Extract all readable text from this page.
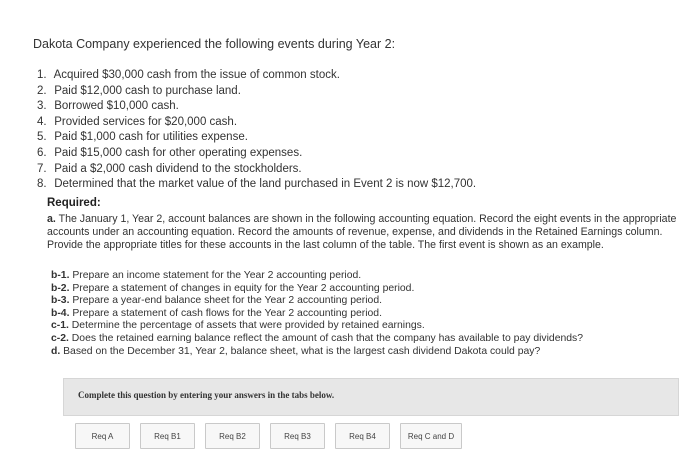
Dakota Company experienced the following events during Year 2:
1. Acquired $30,000 cash from the issue of common stock.
2. Paid $12,000 cash to purchase land.
3. Borrowed $10,000 cash.
4. Provided services for $20,000 cash.
5. Paid $1,000 cash for utilities expense.
6. Paid $15,000 cash for other operating expenses.
7. Paid a $2,000 cash dividend to the stockholders.
8. Determined that the market value of the land purchased in Event 2 is now $12,700.
Required:
a. The January 1, Year 2, account balances are shown in the following accounting equation. Record the eight events in the appropriate accounts under an accounting equation. Record the amounts of revenue, expense, and dividends in the Retained Earnings column. Provide the appropriate titles for these accounts in the last column of the table. The first event is shown as an example.
b-1. Prepare an income statement for the Year 2 accounting period.
b-2. Prepare a statement of changes in equity for the Year 2 accounting period.
b-3. Prepare a year-end balance sheet for the Year 2 accounting period.
b-4. Prepare a statement of cash flows for the Year 2 accounting period.
c-1. Determine the percentage of assets that were provided by retained earnings.
c-2. Does the retained earning balance reflect the amount of cash that the company has available to pay dividends?
d. Based on the December 31, Year 2, balance sheet, what is the largest cash dividend Dakota could pay?
Complete this question by entering your answers in the tabs below.
Req A	Req B1	Req B2	Req B3	Req B4	Req C and D
